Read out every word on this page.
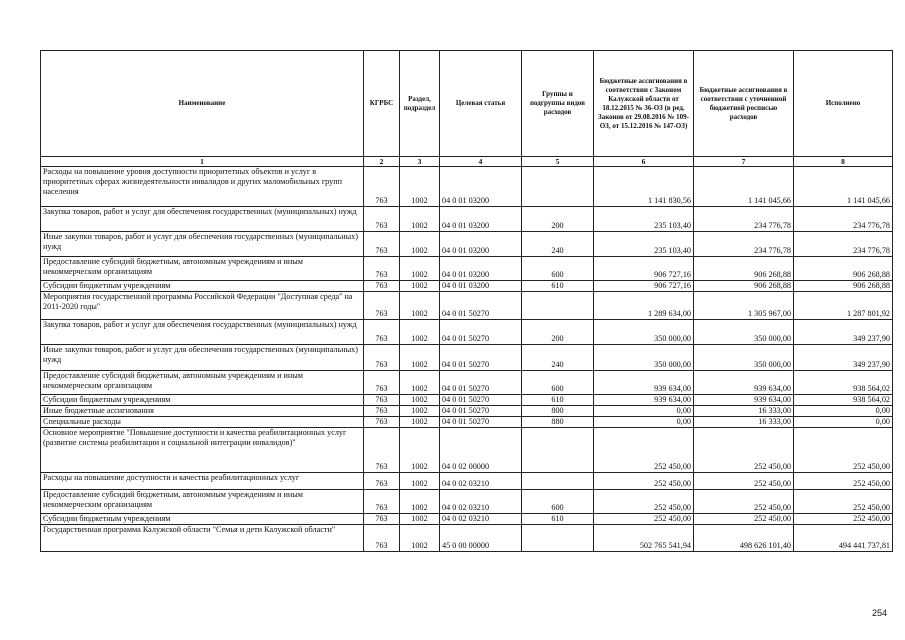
Наименование	КГРБС	Раздел, подраздел	Целевая статья	Группы и подгруппы видов расходов	Бюджетные ассигнования в соответствии с Законом Калужской области от 18.12.2015 № 36-ОЗ (в ред. Законов от 29.08.2016 № 109-ОЗ, от 15.12.2016 № 147-ОЗ)	Бюджетные ассигнования в соответствии с уточненной бюджетной росписью расходов	Исполнено
1	2	3	4	5	6	7	8
Расходы на повышение уровня доступности приоритетных объектов и услуг в приоритетных сферах жизнедеятельности инвалидов и других маломобильных групп населения	763	1002	04 0 01 03200		1 141 830,56	1 141 045,66	1 141 045,66
Закупка товаров, работ и услуг для обеспечения государственных (муниципальных) нужд	763	1002	04 0 01 03200	200	235 103,40	234 776,78	234 776,78
Иные закупки товаров, работ и услуг для обеспечения государственных (муниципальных) нужд	763	1002	04 0 01 03200	240	235 103,40	234 776,78	234 776,78
Предоставление субсидий бюджетным, автономным учреждениям и иным некоммерческим организациям	763	1002	04 0 01 03200	600	906 727,16	906 268,88	906 268,88
Субсидии бюджетным учреждениям	763	1002	04 0 01 03200	610	906 727,16	906 268,88	906 268,88
Мероприятия государственной программы Российской Федерации "Доступная среда" на 2011-2020 годы"	763	1002	04 0 01 50270		1 289 634,00	1 305 967,00	1 287 801,92
Закупка товаров, работ и услуг для обеспечения государственных (муниципальных) нужд	763	1002	04 0 01 50270	200	350 000,00	350 000,00	349 237,90
Иные закупки товаров, работ и услуг для обеспечения государственных (муниципальных) нужд	763	1002	04 0 01 50270	240	350 000,00	350 000,00	349 237,90
Предоставление субсидий бюджетным, автономным учреждениям и иным некоммерческим организациям	763	1002	04 0 01 50270	600	939 634,00	939 634,00	938 564,02
Субсидии бюджетным учреждениям	763	1002	04 0 01 50270	610	939 634,00	939 634,00	938 564,02
Иные бюджетные ассигнования	763	1002	04 0 01 50270	800	0,00	16 333,00	0,00
Специальные расходы	763	1002	04 0 01 50270	880	0,00	16 333,00	0,00
Основное мероприятие "Повышение доступности и качества реабилитационных услуг (развитие системы реабилитации и социальной интеграции инвалидов)"	763	1002	04 0 02 00000		252 450,00	252 450,00	252 450,00
Расходы на повышение доступности и качества реабилитационных услуг	763	1002	04 0 02 03210		252 450,00	252 450,00	252 450,00
Предоставление субсидий бюджетным, автономным учреждениям и иным некоммерческим организациям	763	1002	04 0 02 03210	600	252 450,00	252 450,00	252 450,00
Субсидии бюджетным учреждениям	763	1002	04 0 02 03210	610	252 450,00	252 450,00	252 450,00
Государственная программа Калужской области "Семья и дети Калужской области"	763	1002	45 0 00 00000		502 765 541,94	498 626 101,40	494 441 737,81
254
